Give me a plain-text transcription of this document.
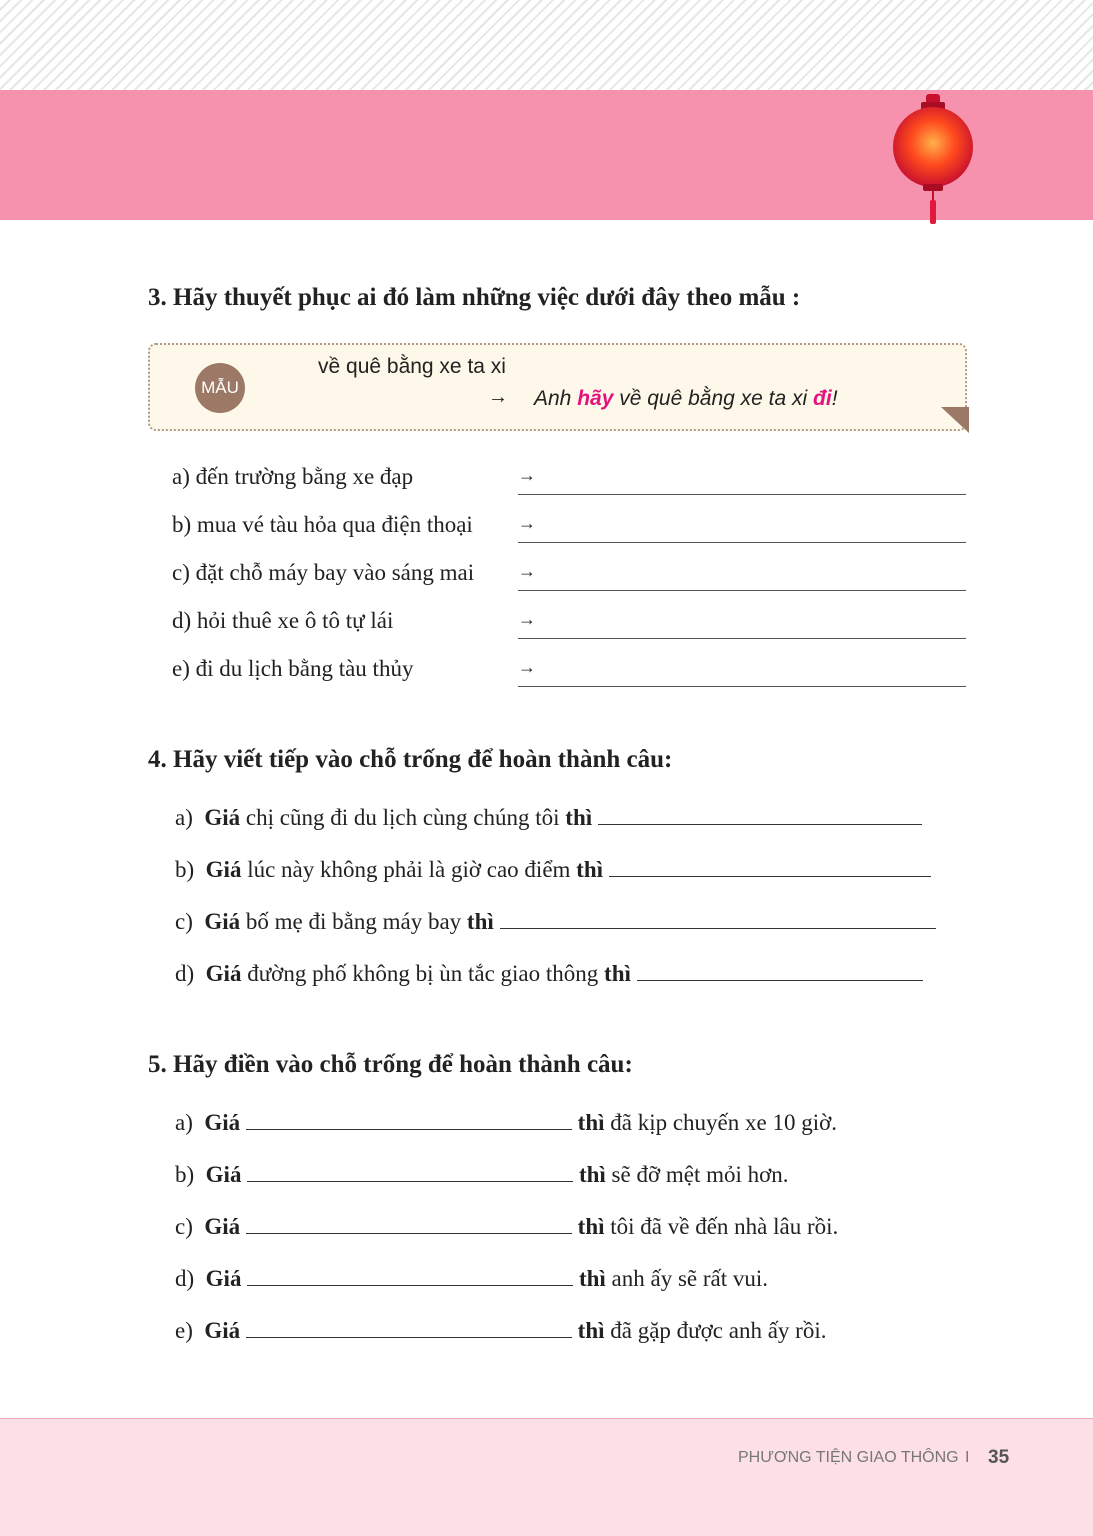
3. Hãy thuyết phục ai đó làm những việc dưới đây theo mẫu :
MẪU
về quê bằng xe ta xi
→ Anh hãy về quê bằng xe ta xi đi!
a) đến trường bằng xe đạp	→
b) mua vé tàu hỏa qua điện thoại	→
c) đặt chỗ máy bay vào sáng mai →
d) hỏi thuê xe ô tô tự lái	→
e) đi du lịch bằng tàu thủy	→
4. Hãy viết tiếp vào chỗ trống để hoàn thành câu:
a) Giá chị cũng đi du lịch cùng chúng tôi thì
b) Giá lúc này không phải là giờ cao điểm thì
c) Giá bố mẹ đi bằng máy bay thì
d) Giá đường phố không bị ùn tắc giao thông thì
5. Hãy điền vào chỗ trống để hoàn thành câu:
a) Giá	thì đã kịp chuyến xe 10 giờ.
b) Giá	thì sẽ đỡ mệt mỏi hơn.
c) Giá	thì tôi đã về đến nhà lâu rồi.
d) Giá	thì anh ấy sẽ rất vui.
e) Giá	thì đã gặp được anh ấy rồi.
PHƯƠNG TIỆN GIAO THÔNG I 35
